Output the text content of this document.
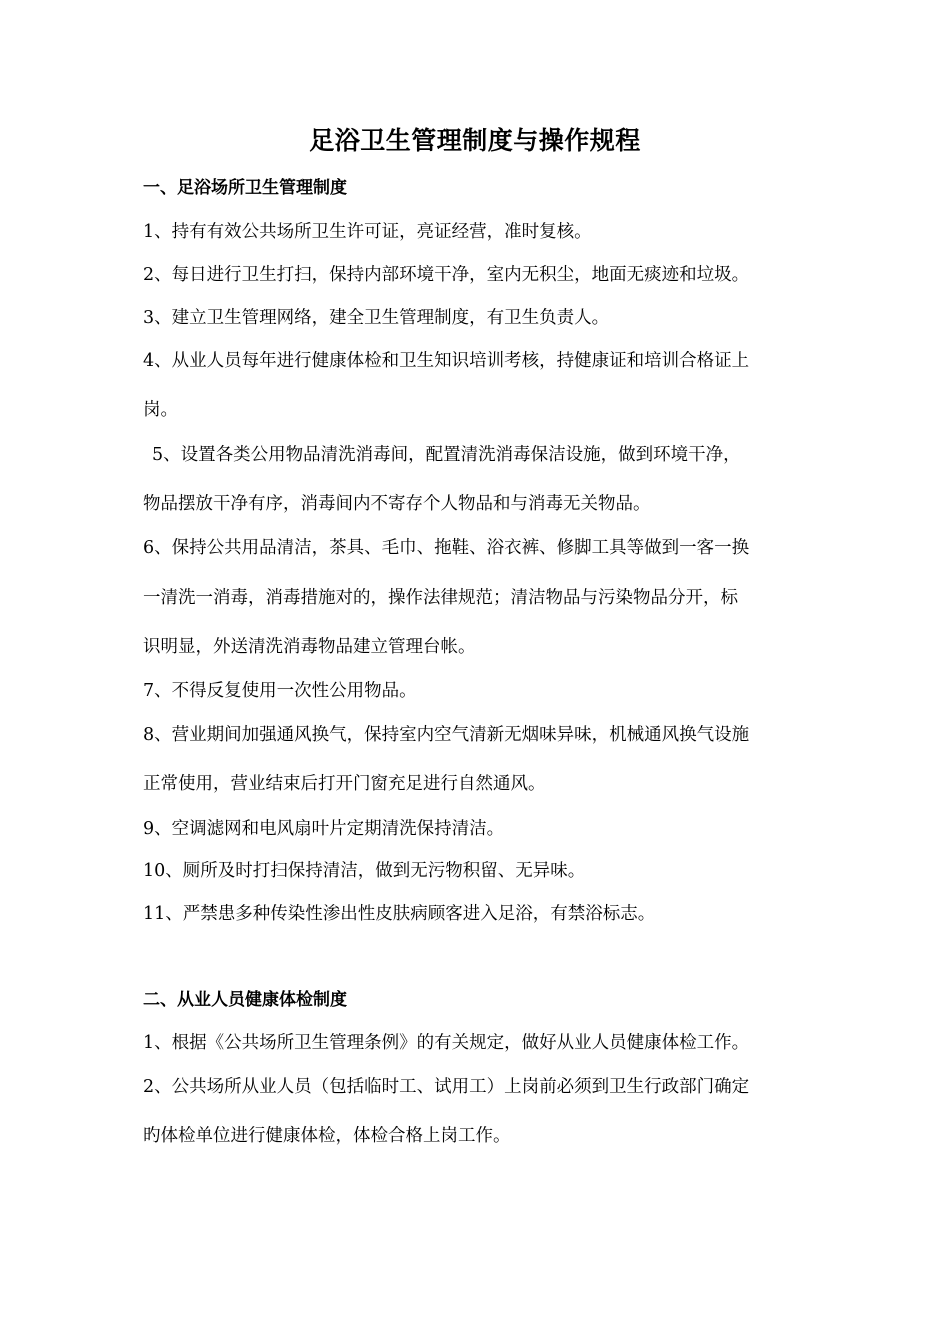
足浴卫生管理制度与操作规程
一、足浴场所卫生管理制度
1、持有有效公共场所卫生许可证，亮证经营，准时复核。
2、每日进行卫生打扫，保持内部环境干净，室内无积尘，地面无痰迹和垃圾。
3、建立卫生管理网络，建全卫生管理制度，有卫生负责人。
4、从业人员每年进行健康体检和卫生知识培训考核，持健康证和培训合格证上
岗。
5、设置各类公用物品清洗消毒间，配置清洗消毒保洁设施，做到环境干净，
物品摆放干净有序，消毒间内不寄存个人物品和与消毒无关物品。
6、保持公共用品清洁，茶具、毛巾、拖鞋、浴衣裤、修脚工具等做到一客一换
一清洗一消毒，消毒措施对的，操作法律规范；清洁物品与污染物品分开，标
识明显，外送清洗消毒物品建立管理台帐。
7、不得反复使用一次性公用物品。
8、营业期间加强通风换气，保持室内空气清新无烟味异味，机械通风换气设施
正常使用，营业结束后打开门窗充足进行自然通风。
9、空调滤网和电风扇叶片定期清洗保持清洁。
10、厕所及时打扫保持清洁，做到无污物积留、无异味。
11、严禁患多种传染性渗出性皮肤病顾客进入足浴，有禁浴标志。
二、从业人员健康体检制度
1、根据《公共场所卫生管理条例》的有关规定，做好从业人员健康体检工作。
2、公共场所从业人员（包括临时工、试用工）上岗前必须到卫生行政部门确定
旳体检单位进行健康体检，体检合格上岗工作。
